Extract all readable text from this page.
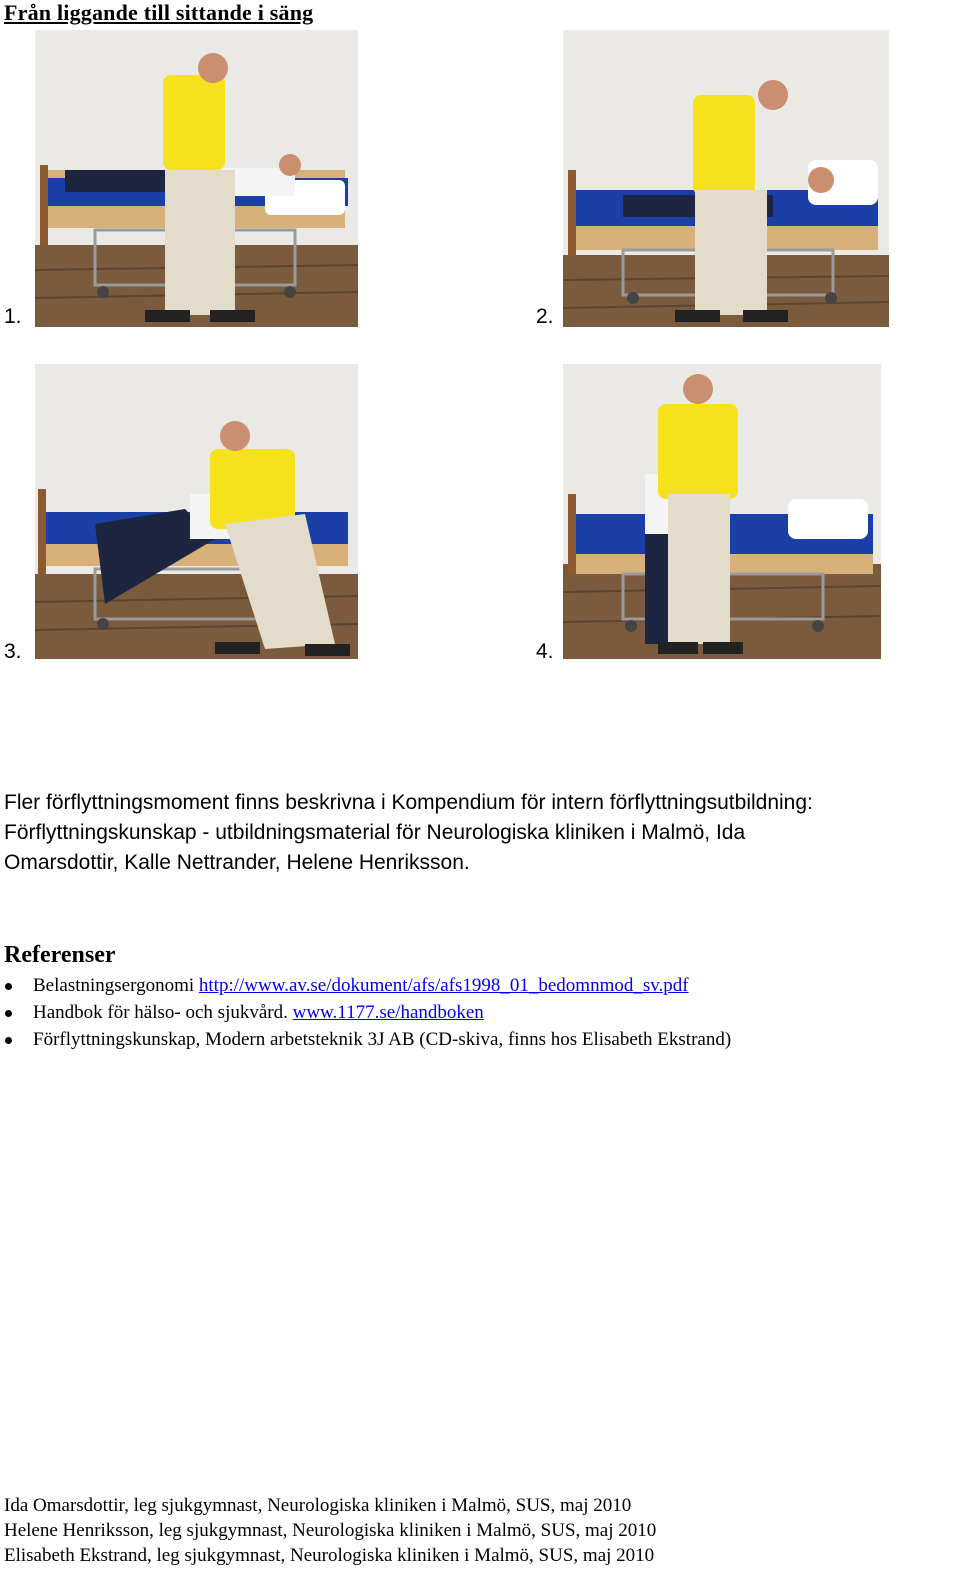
Från liggande till sittande i säng
1.	2.
3.	4.
Fler förflyttningsmoment finns beskrivna i Kompendium för intern förflyttningsutbildning:
Förflyttningskunskap - utbildningsmaterial för Neurologiska kliniken i Malmö, Ida
Omarsdottir, Kalle Nettrander, Helene Henriksson.
Referenser
Belastningsergonomi http://www.av.se/dokument/afs/afs1998_01_bedomnmod_sv.pdf
Handbok för hälso- och sjukvård. www.1177.se/handboken
Förflyttningskunskap, Modern arbetsteknik 3J AB (CD-skiva, finns hos Elisabeth Ekstrand)
Ida Omarsdottir, leg sjukgymnast, Neurologiska kliniken i Malmö, SUS, maj 2010
Helene Henriksson, leg sjukgymnast, Neurologiska kliniken i Malmö, SUS, maj 2010
Elisabeth Ekstrand, leg sjukgymnast, Neurologiska kliniken i Malmö, SUS, maj 2010
